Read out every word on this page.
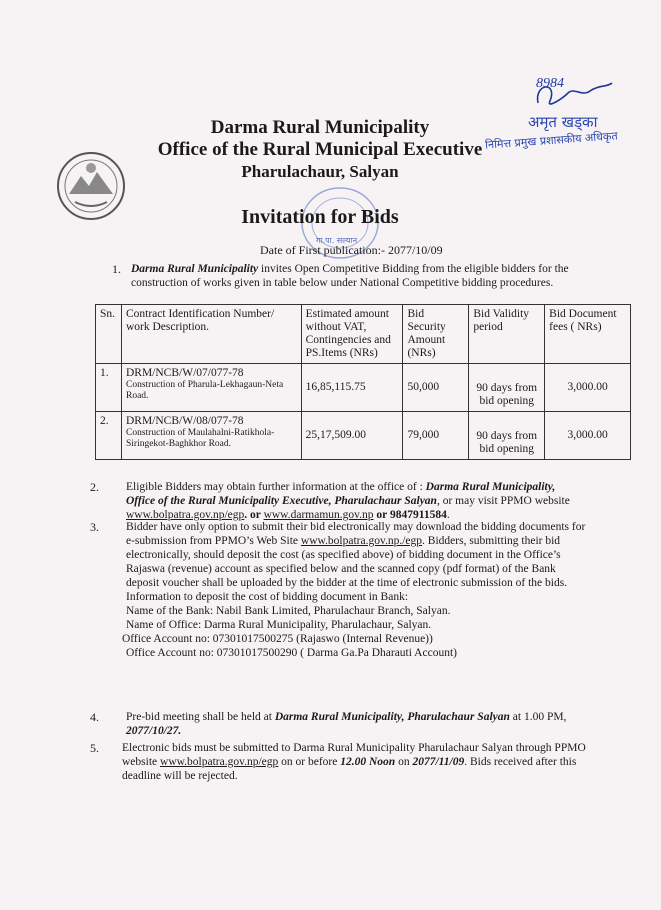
8984
अमृत खड्का
निमित्त प्रमुख प्रशासकीय अधिकृत
Darma Rural Municipality
Office of the Rural Municipal Executive
Pharulachaur, Salyan
गा.पा. सल्यान
Invitation for Bids
Date of First publication:- 2077/10/09
1. Darma Rural Municipality invites Open Competitive Bidding from the eligible bidders for the construction of works given in table below under National Competitive bidding procedures.
Sn.	Contract Identification Number/ work Description.	Estimated amount without VAT, Contingencies and PS.Items (NRs)	Bid Security Amount (NRs)	Bid Validity period	Bid Document fees ( NRs)
1.	DRM/NCB/W/07/077-78
Construction of Pharula-Lekhagaun-Neta Road.	16,85,115.75	50,000	90 days from bid opening	3,000.00
2.	DRM/NCB/W/08/077-78
Construction of Maulahalni-Ratikhola-Siringekot-Baghkhor Road.	25,17,509.00	79,000	90 days from bid opening	3,000.00
2. Eligible Bidders may obtain further information at the office of : Darma Rural Municipality,
Office of the Rural Municipality Executive, Pharulachaur Salyan, or may visit PPMO website
www.bolpatra.gov.np/egp. or www.darmamun.gov.np or 9847911584.
3. Bidder have only option to submit their bid electronically may download the bidding documents for
e-submission from PPMO’s Web Site www.bolpatra.gov.np./egp. Bidders, submitting their bid
electronically, should deposit the cost (as specified above) of bidding document in the Office’s
Rajaswa (revenue) account as specified below and the scanned copy (pdf format) of the Bank
deposit voucher shall be uploaded by the bidder at the time of electronic submission of the bids.
Information to deposit the cost of bidding document in Bank:
Name of the Bank: Nabil Bank Limited, Pharulachaur Branch, Salyan.
Name of Office: Darma Rural Municipality, Pharulachaur, Salyan.
Office Account no: 07301017500275 (Rajaswo (Internal Revenue))
Office Account no: 07301017500290 ( Darma Ga.Pa Dharauti Account)
4. Pre-bid meeting shall be held at Darma Rural Municipality, Pharulachaur Salyan at 1.00 PM,
2077/10/27.
5. Electronic bids must be submitted to Darma Rural Municipality Pharulachaur Salyan through PPMO
website www.bolpatra.gov.np/egp on or before 12.00 Noon on 2077/11/09. Bids received after this
deadline will be rejected.
